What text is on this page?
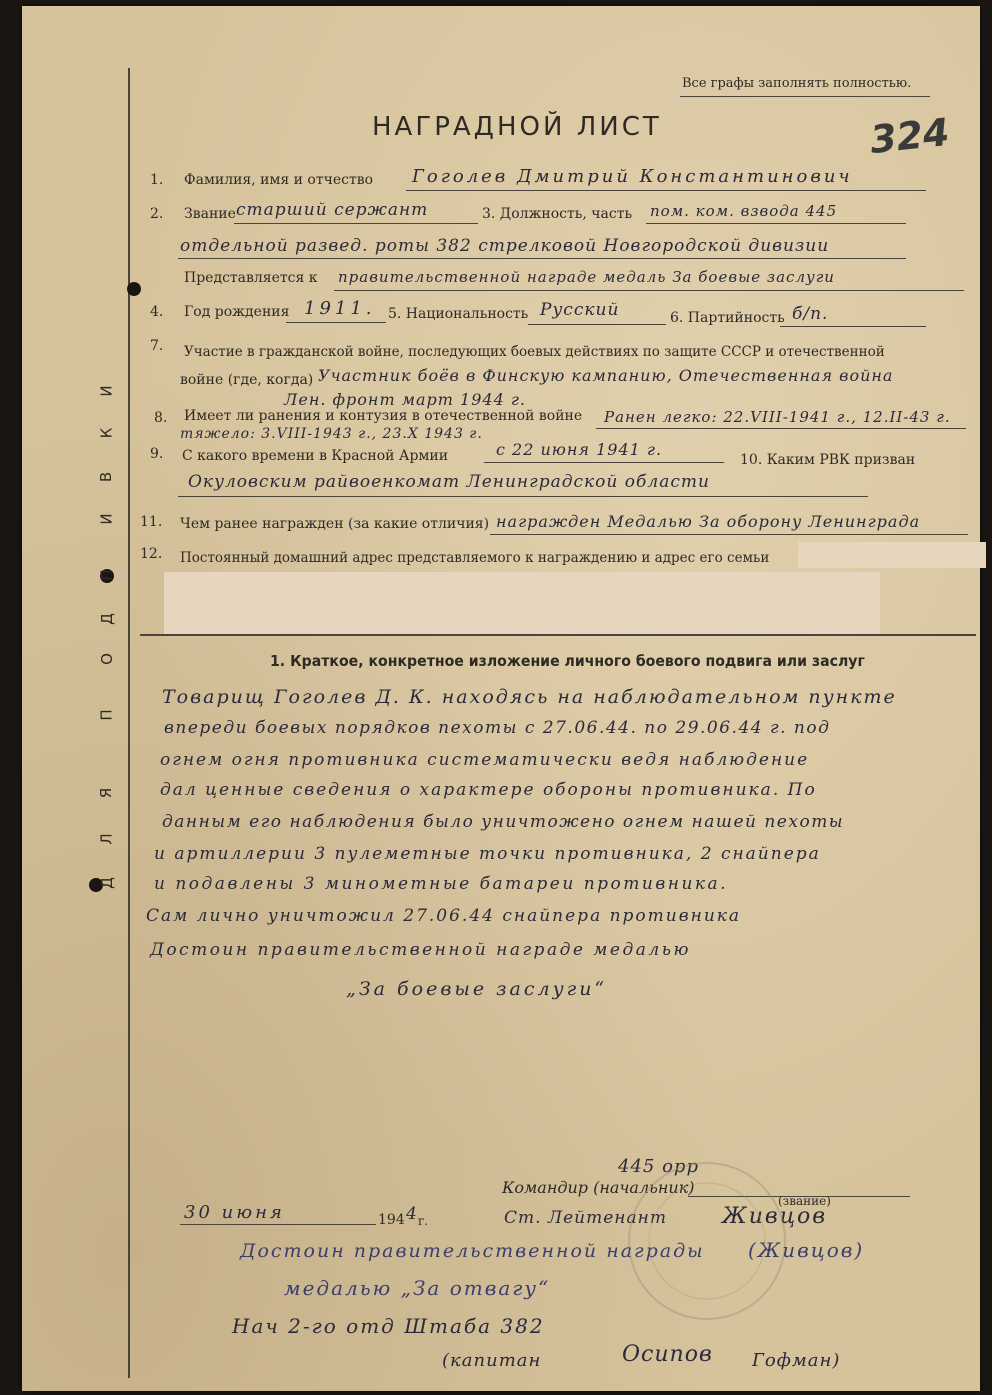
И
К
В
И
П
Д
О
П
Я
Л
Д
Все графы заполнять полностью.
НАГРАДНОЙ ЛИСТ	324
1. Фамилия, имя и отчество Гоголев Дмитрий Константинович
2. Звание старший сержант	3. Должность, часть пом. ком. взвода 445
отдельной развед. роты 382 стрелковой Новгородской дивизии
Представляется к правительственной награде медаль За боевые заслуги
4. Год рождения 1911. 5. Национальность Русский	6. Партийность б/п.
7. Участие в гражданской войне, последующих боевых действиях по защите СССР и отечественной
войне (где, когда) Участник боёв в Финскую кампанию, Отечественная война
Лен. фронт март 1944 г.
8. Имеет ли ранения и контузия в отечественной войне Ранен легко: 22.VIII-1941 г., 12.II-43 г.
тяжело: 3.VIII-1943 г., 23.X 1943 г.
9. С какого времени в Красной Армии	с 22 июня 1941 г.
10. Каким РВК призван
Окуловским райвоенкомат Ленинградской области
11. Чем ранее награжден (за какие отличия) награжден Медалью За оборону Ленинграда
12. Постоянный домашний адрес представляемого к награждению и адрес его семьи
1. Краткое, конкретное изложение личного боевого подвига или заслуг
Товарищ Гоголев Д. К. находясь на наблюдательном пункте
впереди боевых порядков пехоты с 27.06.44. по 29.06.44 г. под
огнем огня противника систематически ведя наблюдение
дал ценные сведения о характере обороны противника. По
данным его наблюдения было уничтожено огнем нашей пехоты
и артиллерии 3 пулеметные точки противника, 2 снайпера
и подавлены 3 минометные батареи противника.
Сам лично уничтожил 27.06.44 снайпера противника
Достоин правительственной награде медалью
„За боевые заслуги“
445 орр
Командир (начальник)
(звание)
Ст. Лейтенант	Живцов
30 июня	194 4 г.
Достоин правительственной награды (Живцов)
медалью „За отвагу“
Нач 2-го отд Штаба 382
(капитан	Осипов Гофман)
